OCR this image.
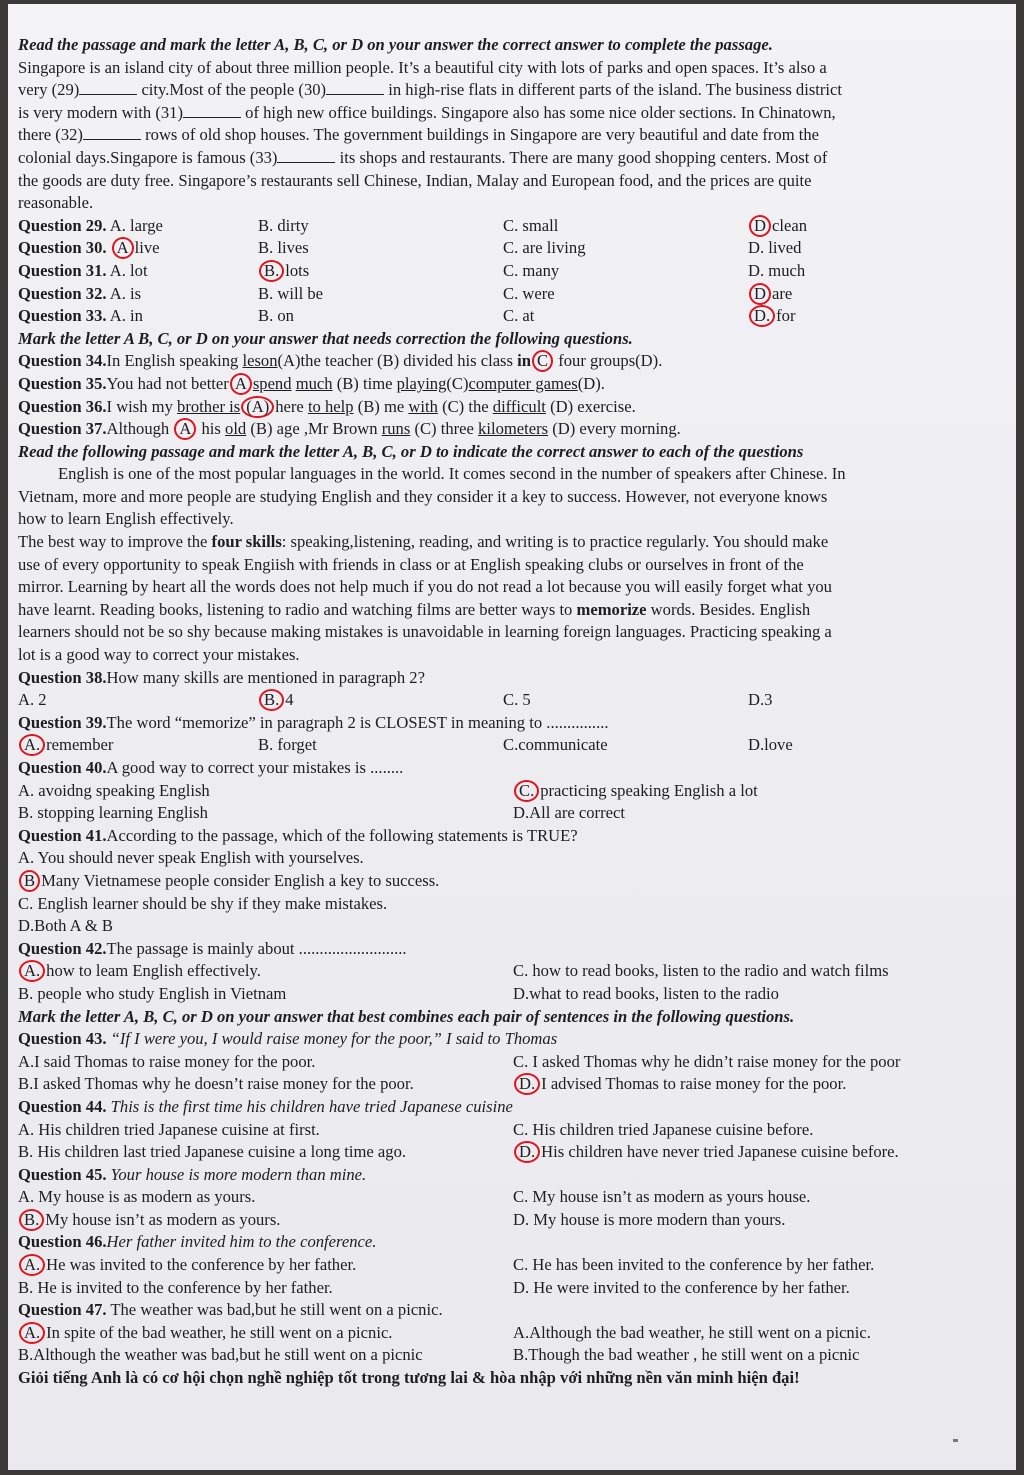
Read the passage and mark the letter A, B, C, or D on your answer the correct answer to complete the passage.
Singapore is an island city of about three million people. It’s a beautiful city with lots of parks and open spaces. It’s also a
very (29)	city.Most of the people (30)	in high-rise flats in different parts of the island. The business district
is very modern with (31)	of high new office buildings. Singapore also has some nice older sections. In Chinatown,
there (32)	rows of old shop houses. The government buildings in Singapore are very beautiful and date from the
colonial days.Singapore is famous (33)	its shops and restaurants. There are many good shopping centers. Most of
the goods are duty free. Singapore’s restaurants sell Chinese, Indian, Malay and European food, and the prices are quite
reasonable.
Question 29. A. large	B. dirty	C. small	D clean
Question 30. A live	B. lives	C. are living	D. lived
Question 31. A. lot	B. lots	C. many	D. much
Question 32. A. is	B. will be	C. were	D are
Question 33. A. in	B. on	C. at	D. for
Mark the letter A B, C, or D on your answer that needs correction the following questions.
Question 34.In English speaking leson(A)the teacher (B) divided his class in C four groups(D).
Question 35.You had not better A spend much (B) time playing(C)computer games(D).
Question 36.I wish my brother is (A) here to help (B) me with (C) the difficult (D) exercise.
Question 37.Although A his old (B) age ,Mr Brown runs (C) three kilometers (D) every morning.
Read the following passage and mark the letter A, B, C, or D to indicate the correct answer to each of the questions
English is one of the most popular languages in the world. It comes second in the number of speakers after Chinese. In
Vietnam, more and more people are studying English and they consider it a key to success. However, not everyone knows
how to learn English effectively.
The best way to improve the four skills: speaking,listening, reading, and writing is to practice regularly. You should make
use of every opportunity to speak Engiish with friends in class or at English speaking clubs or ourselves in front of the
mirror. Learning by heart all the words does not help much if you do not read a lot because you will easily forget what you
have learnt. Reading books, listening to radio and watching films are better ways to memorize words. Besides. English
learners should not be so shy because making mistakes is unavoidable in learning foreign languages. Practicing speaking a
lot is a good way to correct your mistakes.
Question 38.How many skills are mentioned in paragraph 2?
A. 2	B. 4	C. 5	D.3
Question 39.The word “memorize” in paragraph 2 is CLOSEST in meaning to ...............
A. remember	B. forget	C.communicate	D.love
Question 40.A good way to correct your mistakes is ........
A. avoidng speaking English	C. practicing speaking English a lot
B. stopping learning English	D.All are correct
Question 41.According to the passage, which of the following statements is TRUE?
A. You should never speak English with yourselves.
B Many Vietnamese people consider English a key to success.
C. English learner should be shy if they make mistakes.
D.Both A & B
Question 42.The passage is mainly about ..........................
A. how to leam English effectively.	C. how to read books, listen to the radio and watch films
B. people who study English in Vietnam	D.what to read books, listen to the radio
Mark the letter A, B, C, or D on your answer that best combines each pair of sentences in the following questions.
Question 43. “If I were you, I would raise money for the poor,” I said to Thomas
A.I said Thomas to raise money for the poor.	C. I asked Thomas why he didn’t raise money for the poor
B.I asked Thomas why he doesn’t raise money for the poor.	D. I advised Thomas to raise money for the poor.
Question 44. This is the first time his children have tried Japanese cuisine
A. His children tried Japanese cuisine at first.	C. His children tried Japanese cuisine before.
B. His children last tried Japanese cuisine a long time ago.	D. His children have never tried Japanese cuisine before.
Question 45. Your house is more modern than mine.
A. My house is as modern as yours.	C. My house isn’t as modern as yours house.
B. My house isn’t as modern as yours.	D. My house is more modern than yours.
Question 46.Her father invited him to the conference.
A. He was invited to the conference by her father.	C. He has been invited to the conference by her father.
B. He is invited to the conference by her father.	D. He were invited to the conference by her father.
Question 47. The weather was bad,but he still went on a picnic.
A. In spite of the bad weather, he still went on a picnic.	A.Although the bad weather, he still went on a picnic.
B.Although the weather was bad,but he still went on a picnic	B.Though the bad weather , he still went on a picnic
Giỏi tiếng Anh là có cơ hội chọn nghề nghiệp tốt trong tương lai & hòa nhập với những nền văn minh hiện đại!
